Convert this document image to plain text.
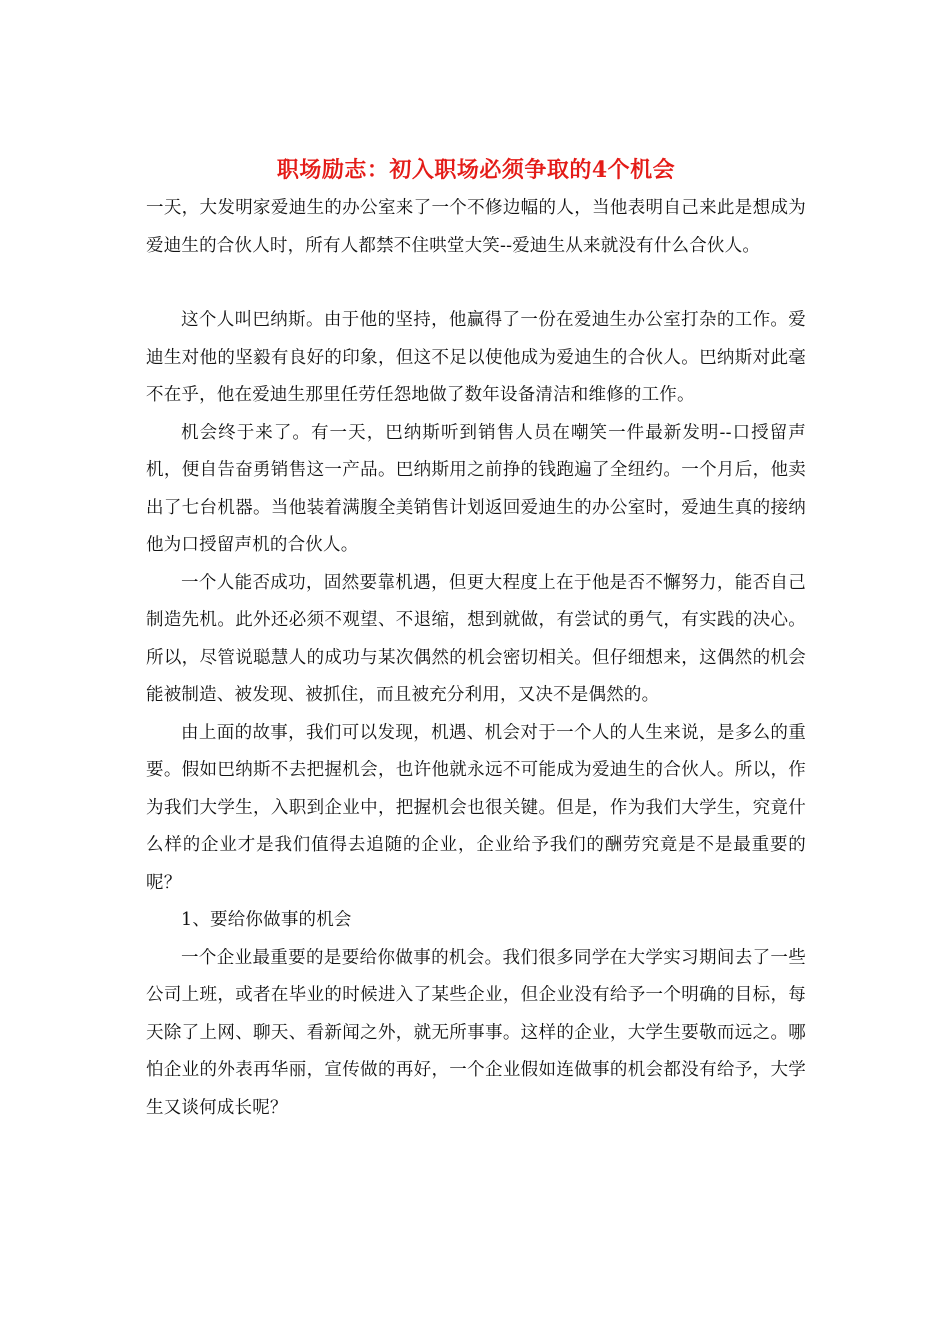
职场励志：初入职场必须争取的4个机会

一天，大发明家爱迪生的办公室来了一个不修边幅的人，当他表明自己来此是想成为爱迪生的合伙人时，所有人都禁不住哄堂大笑--爱迪生从来就没有什么合伙人。

这个人叫巴纳斯。由于他的坚持，他赢得了一份在爱迪生办公室打杂的工作。爱迪生对他的坚毅有良好的印象，但这不足以使他成为爱迪生的合伙人。巴纳斯对此毫不在乎，他在爱迪生那里任劳任怨地做了数年设备清洁和维修的工作。

机会终于来了。有一天，巴纳斯听到销售人员在嘲笑一件最新发明--口授留声机，便自告奋勇销售这一产品。巴纳斯用之前挣的钱跑遍了全纽约。一个月后，他卖出了七台机器。当他装着满腹全美销售计划返回爱迪生的办公室时，爱迪生真的接纳他为口授留声机的合伙人。

一个人能否成功，固然要靠机遇，但更大程度上在于他是否不懈努力，能否自己制造先机。此外还必须不观望、不退缩，想到就做，有尝试的勇气，有实践的决心。所以，尽管说聪慧人的成功与某次偶然的机会密切相关。但仔细想来，这偶然的机会能被制造、被发现、被抓住，而且被充分利用，又决不是偶然的。

由上面的故事，我们可以发现，机遇、机会对于一个人的人生来说，是多么的重要。假如巴纳斯不去把握机会，也许他就永远不可能成为爱迪生的合伙人。所以，作为我们大学生，入职到企业中，把握机会也很关键。但是，作为我们大学生，究竟什么样的企业才是我们值得去追随的企业，企业给予我们的酬劳究竟是不是最重要的呢？

1、要给你做事的机会

一个企业最重要的是要给你做事的机会。我们很多同学在大学实习期间去了一些公司上班，或者在毕业的时候进入了某些企业，但企业没有给予一个明确的目标，每天除了上网、聊天、看新闻之外，就无所事事。这样的企业，大学生要敬而远之。哪怕企业的外表再华丽，宣传做的再好，一个企业假如连做事的机会都没有给予，大学生又谈何成长呢？
